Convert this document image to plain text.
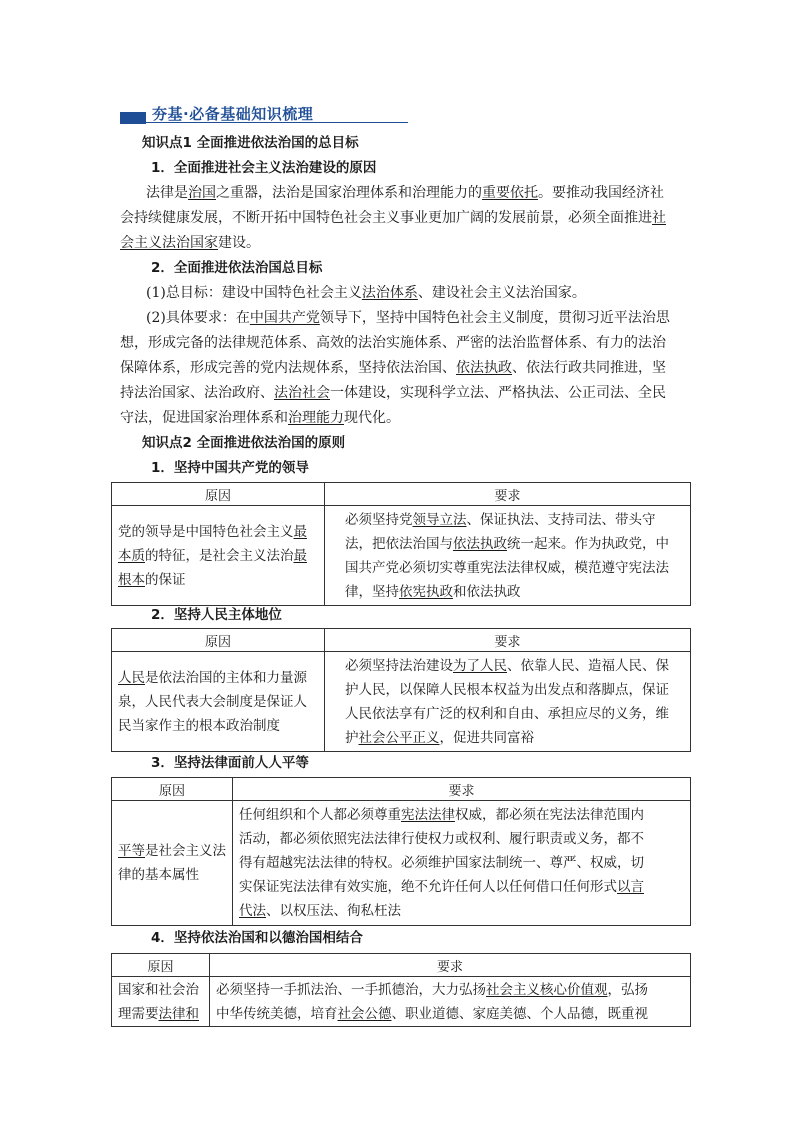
夯基·必备基础知识梳理
知识点1 全面推进依法治国的总目标
1．全面推进社会主义法治建设的原因
法律是治国之重器，法治是国家治理体系和治理能力的重要依托。要推动我国经济社
会持续健康发展，不断开拓中国特色社会主义事业更加广阔的发展前景，必须全面推进社
会主义法治国家建设。
2．全面推进依法治国总目标
(1)总目标：建设中国特色社会主义法治体系、建设社会主义法治国家。
(2)具体要求：在中国共产党领导下，坚持中国特色社会主义制度，贯彻习近平法治思
想，形成完备的法律规范体系、高效的法治实施体系、严密的法治监督体系、有力的法治
保障体系，形成完善的党内法规体系，坚持依法治国、依法执政、依法行政共同推进，坚
持法治国家、法治政府、法治社会一体建设，实现科学立法、严格执法、公正司法、全民
守法，促进国家治理体系和治理能力现代化。
知识点2 全面推进依法治国的原则
1．坚持中国共产党的领导
原因	要求

党的领导是中国特色社会主义最
本质的特征，是社会主义法治最
根本的保证	必须坚持党领导立法、保证执法、支持司法、带头守
法，把依法治国与依法执政统一起来。作为执政党，中
国共产党必须切实尊重宪法法律权威，模范遵守宪法法
律，坚持依宪执政和依法执政
2．坚持人民主体地位
原因	要求

人民是依法治国的主体和力量源
泉，人民代表大会制度是保证人
民当家作主的根本政治制度	必须坚持法治建设为了人民、依靠人民、造福人民、保
护人民，以保障人民根本权益为出发点和落脚点，保证
人民依法享有广泛的权利和自由、承担应尽的义务，维
护社会公平正义，促进共同富裕
3．坚持法律面前人人平等
原因	要求

平等是社会主义法
律的基本属性	任何组织和个人都必须尊重宪法法律权威，都必须在宪法法律范围内
活动，都必须依照宪法法律行使权力或权利、履行职责或义务，都不
得有超越宪法法律的特权。必须维护国家法制统一、尊严、权威，切
实保证宪法法律有效实施，绝不允许任何人以任何借口任何形式以言
代法、以权压法、徇私枉法
4．坚持依法治国和以德治国相结合
原因	要求

国家和社会治
理需要法律和	必须坚持一手抓法治、一手抓德治，大力弘扬社会主义核心价值观，弘扬
中华传统美德，培育社会公德、职业道德、家庭美德、个人品德，既重视
